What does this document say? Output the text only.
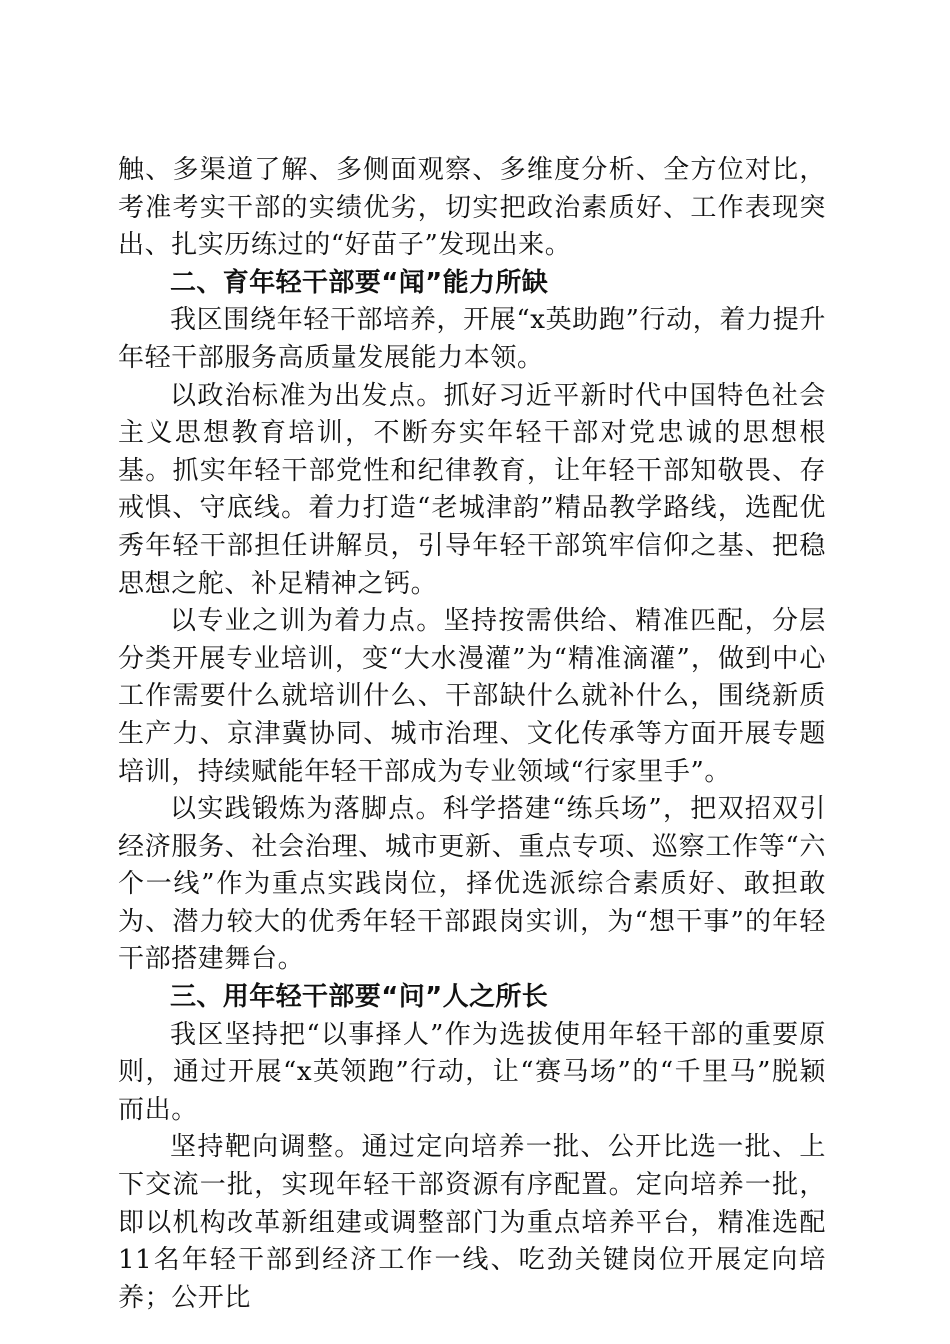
触、多渠道了解、多侧面观察、多维度分析、全方位对比，考准考实干部的实绩优劣，切实把政治素质好、工作表现突出、扎实历练过的“好苗子”发现出来。

二、育年轻干部要“闻”能力所缺

我区围绕年轻干部培养，开展“x英助跑”行动，着力提升年轻干部服务高质量发展能力本领。

以政治标准为出发点。抓好习近平新时代中国特色社会主义思想教育培训，不断夯实年轻干部对党忠诚的思想根基。抓实年轻干部党性和纪律教育，让年轻干部知敬畏、存戒惧、守底线。着力打造“老城津韵”精品教学路线，选配优秀年轻干部担任讲解员，引导年轻干部筑牢信仰之基、把稳思想之舵、补足精神之钙。

以专业之训为着力点。坚持按需供给、精准匹配，分层分类开展专业培训，变“大水漫灌”为“精准滴灌”，做到中心工作需要什么就培训什么、干部缺什么就补什么，围绕新质生产力、京津冀协同、城市治理、文化传承等方面开展专题培训，持续赋能年轻干部成为专业领域“行家里手”。

以实践锻炼为落脚点。科学搭建“练兵场”，把双招双引经济服务、社会治理、城市更新、重点专项、巡察工作等“六个一线”作为重点实践岗位，择优选派综合素质好、敢担敢为、潜力较大的优秀年轻干部跟岗实训，为“想干事”的年轻干部搭建舞台。

三、用年轻干部要“问”人之所长

我区坚持把“以事择人”作为选拔使用年轻干部的重要原则，通过开展“x英领跑”行动，让“赛马场”的“千里马”脱颖而出。

坚持靶向调整。通过定向培养一批、公开比选一批、上下交流一批，实现年轻干部资源有序配置。定向培养一批，即以机构改革新组建或调整部门为重点培养平台，精准选配11名年轻干部到经济工作一线、吃劲关键岗位开展定向培养；公开比
